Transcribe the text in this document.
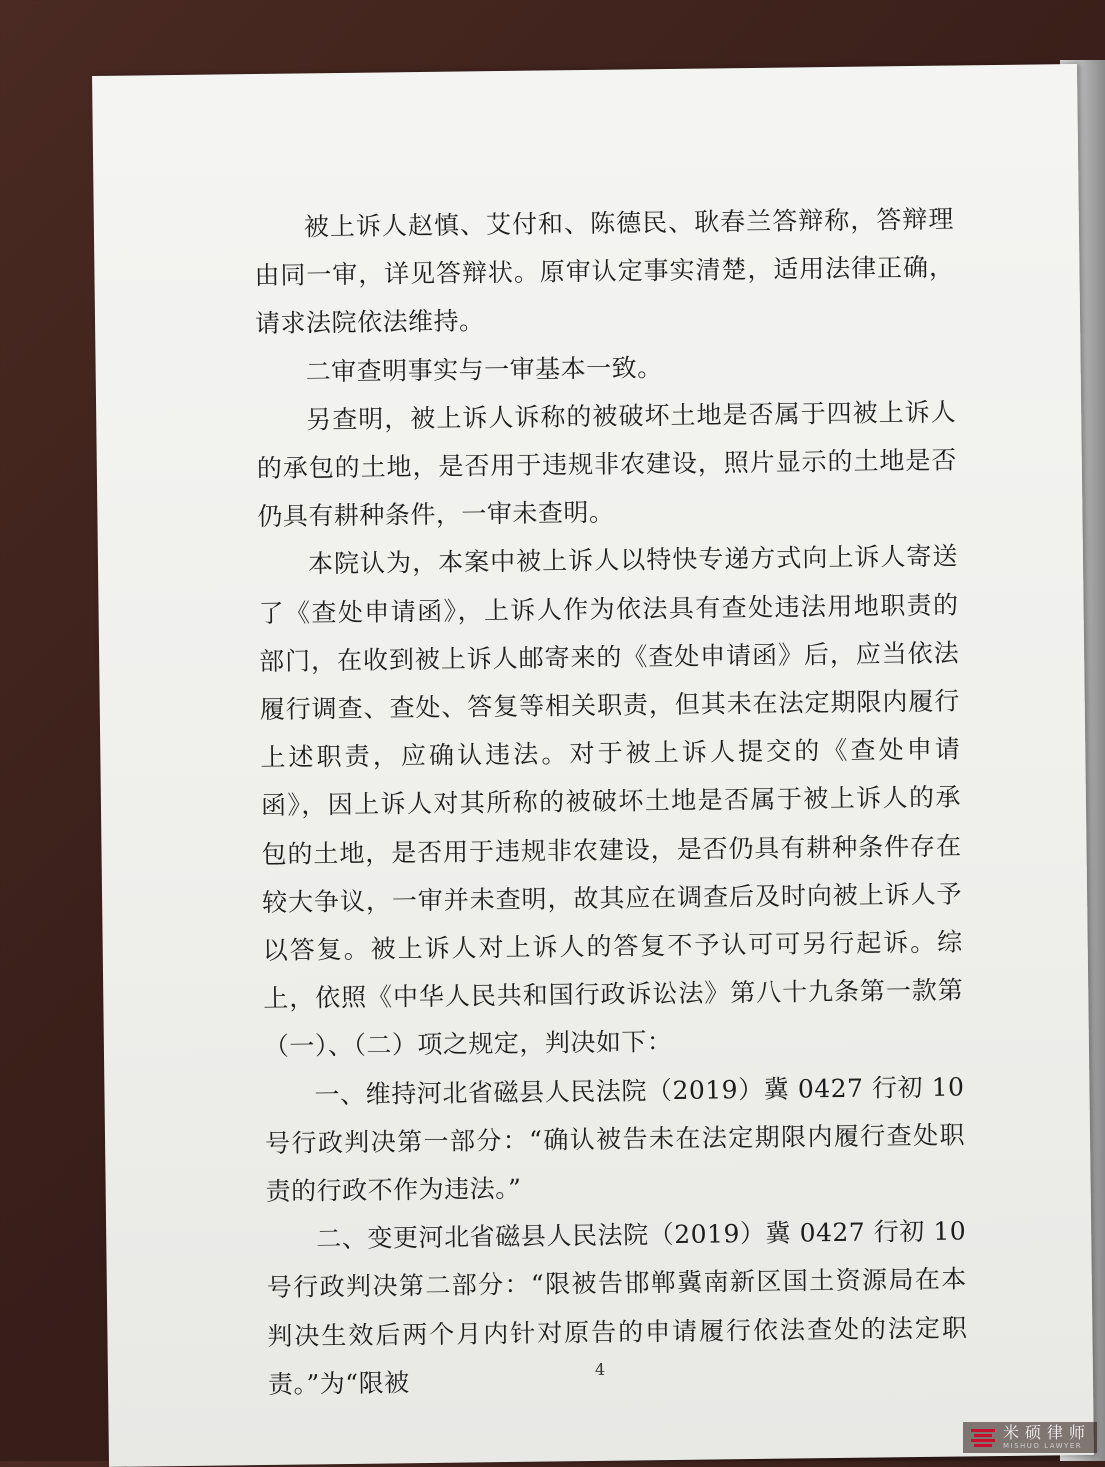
被上诉人赵慎、艾付和、陈德民、耿春兰答辩称，答辩理由同一审，详见答辩状。原审认定事实清楚，适用法律正确，请求法院依法维持。

二审查明事实与一审基本一致。

另查明，被上诉人诉称的被破坏土地是否属于四被上诉人的承包的土地，是否用于违规非农建设，照片显示的土地是否仍具有耕种条件，一审未查明。

本院认为，本案中被上诉人以特快专递方式向上诉人寄送了《查处申请函》，上诉人作为依法具有查处违法用地职责的部门，在收到被上诉人邮寄来的《查处申请函》后，应当依法履行调查、查处、答复等相关职责，但其未在法定期限内履行上述职责，应确认违法。对于被上诉人提交的《查处申请函》，因上诉人对其所称的被破坏土地是否属于被上诉人的承包的土地，是否用于违规非农建设，是否仍具有耕种条件存在较大争议，一审并未查明，故其应在调查后及时向被上诉人予以答复。被上诉人对上诉人的答复不予认可可另行起诉。综上，依照《中华人民共和国行政诉讼法》第八十九条第一款第（一）、（二）项之规定，判决如下：

一、维持河北省磁县人民法院（2019）冀 0427 行初 10 号行政判决第一部分：“确认被告未在法定期限内履行查处职责的行政不作为违法。”

二、变更河北省磁县人民法院（2019）冀 0427 行初 10 号行政判决第二部分：“限被告邯郸冀南新区国土资源局在本判决生效后两个月内针对原告的申请履行依法查处的法定职责。”为“限被	4
米硕律师
MISHUO LAWYER
